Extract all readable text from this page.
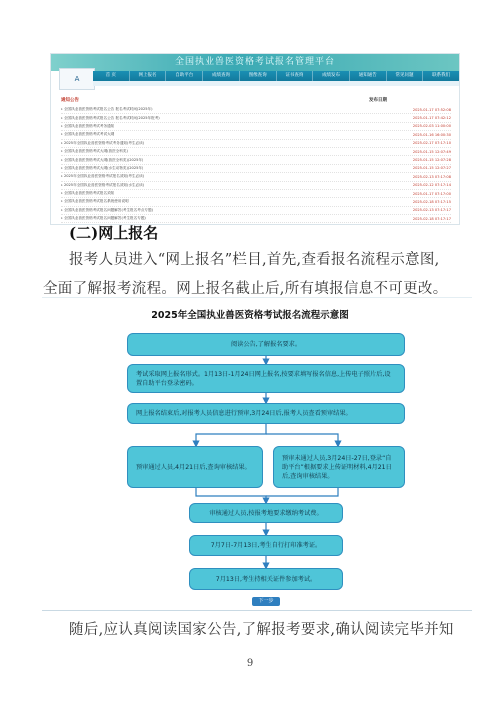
全国执业兽医资格考试报名管理平台
A	首 页	网上报名	自助平台	成绩查询	图像查询	证书查询	成绩发布	通知通告	常见问题	联系我们
通知公告	发布日期
▸ 全国执业兽医资格考试报名公告 报名考试时间(2025年)	2025-01-17 07:52:08
▸ 全国执业兽医资格考试报名公告 报名考试时间(2025年报考)	2025-01-17 07:42:12
▸ 全国执业兽医资格考试考务通知	2025-02-03 11:00:00
▸ 全国执业兽医资格考试考试大纲	2025-01-16 16:00:30
▸ 2025年全国执业兽医资格考试考务通知(考生必读)	2025-02-17 07:17:10
▸ 全国执业兽医资格考试大纲(兽医全科类)	2025-01-15 12:07:49
▸ 全国执业兽医资格考试大纲(兽医全科类)(2025年)	2025-01-15 12:07:28
▸ 全国执业兽医资格考试大纲(水生动物类)(2025年)	2025-01-15 12:07:27
▸ 2025年全国执业兽医资格考试报名须知(考生必读)	2025-02-13 07:17:08
▸ 2025年全国执业兽医资格考试报名须知(水生必读)	2025-02-12 07:17:14
▸ 全国执业兽医资格考试报名须知	2025-01-17 07:17:00
▸ 全国执业兽医资格考试报名系统使用说明	2025-02-18 07:17:15
▸ 全国执业兽医资格考试报名问题解答(考生报名考点专题)	2025-02-13 07:17:17
▸ 全国执业兽医资格考试报名问题解答(考生报名专题)	2025-02-18 07:17:17
▸
(二)网上报名
报考人员进入“网上报名”栏目,首先,查看报名流程示意图,
全面了解报考流程。网上报名截止后,所有填报信息不可更改。
2025年全国执业兽医资格考试报名流程示意图
阅读公告,了解报名要求。
考试采取网上报名形式。1月13日-1月24日网上报名,按要求填写报名信息,上传电子照片后,设置自助平台登录密码。
网上报名结束后,对报考人员信息进行预审,3月24日后,报考人员查看预审结果。
预审通过人员,4月21日后,查询审核结果。
预审未通过人员,3月24日-27日,登录“自助平台”根据要求上传证明材料,4月21日后,查询审核结果。
审核通过人员,按报考地要求缴纳考试费。
7月7日-7月13日,考生自行打印准考证。
7月13日,考生持相关证件参加考试。
下一步
随后,应认真阅读国家公告,了解报考要求,确认阅读完毕并知
9
